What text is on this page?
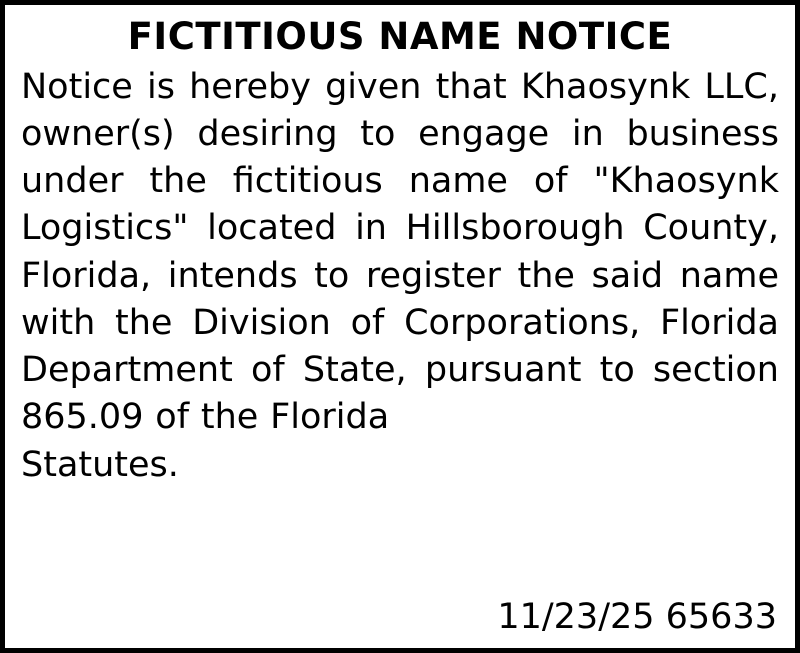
FICTITIOUS NAME NOTICE
Notice is hereby given that Khaosynk LLC, owner(s) desiring to engage in business under the fictitious name of "Khaosynk Logistics" located in Hillsborough County, Florida, intends to register the said name with the Division of Corporations, Florida Department of State, pursuant to section 865.09 of the Florida
Statutes.
11/23/25 65633
